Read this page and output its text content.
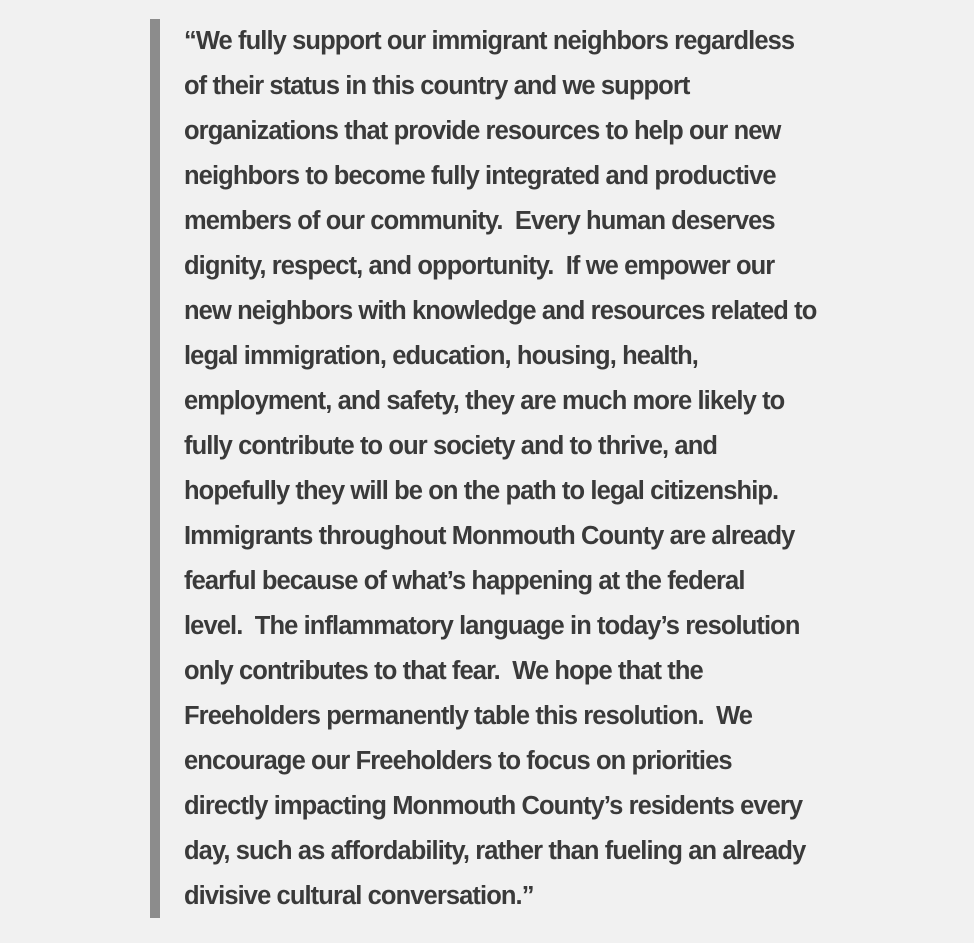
“We fully support our immigrant neighbors regardless
of their status in this country and we support
organizations that provide resources to help our new
neighbors to become fully integrated and productive
members of our community.  Every human deserves
dignity, respect, and opportunity.  If we empower our
new neighbors with knowledge and resources related to
legal immigration, education, housing, health,
employment, and safety, they are much more likely to
fully contribute to our society and to thrive, and
hopefully they will be on the path to legal citizenship.
Immigrants throughout Monmouth County are already
fearful because of what’s happening at the federal
level.  The inflammatory language in today’s resolution
only contributes to that fear.  We hope that the
Freeholders permanently table this resolution.  We
encourage our Freeholders to focus on priorities
directly impacting Monmouth County’s residents every
day, such as affordability, rather than fueling an already
divisive cultural conversation.”
